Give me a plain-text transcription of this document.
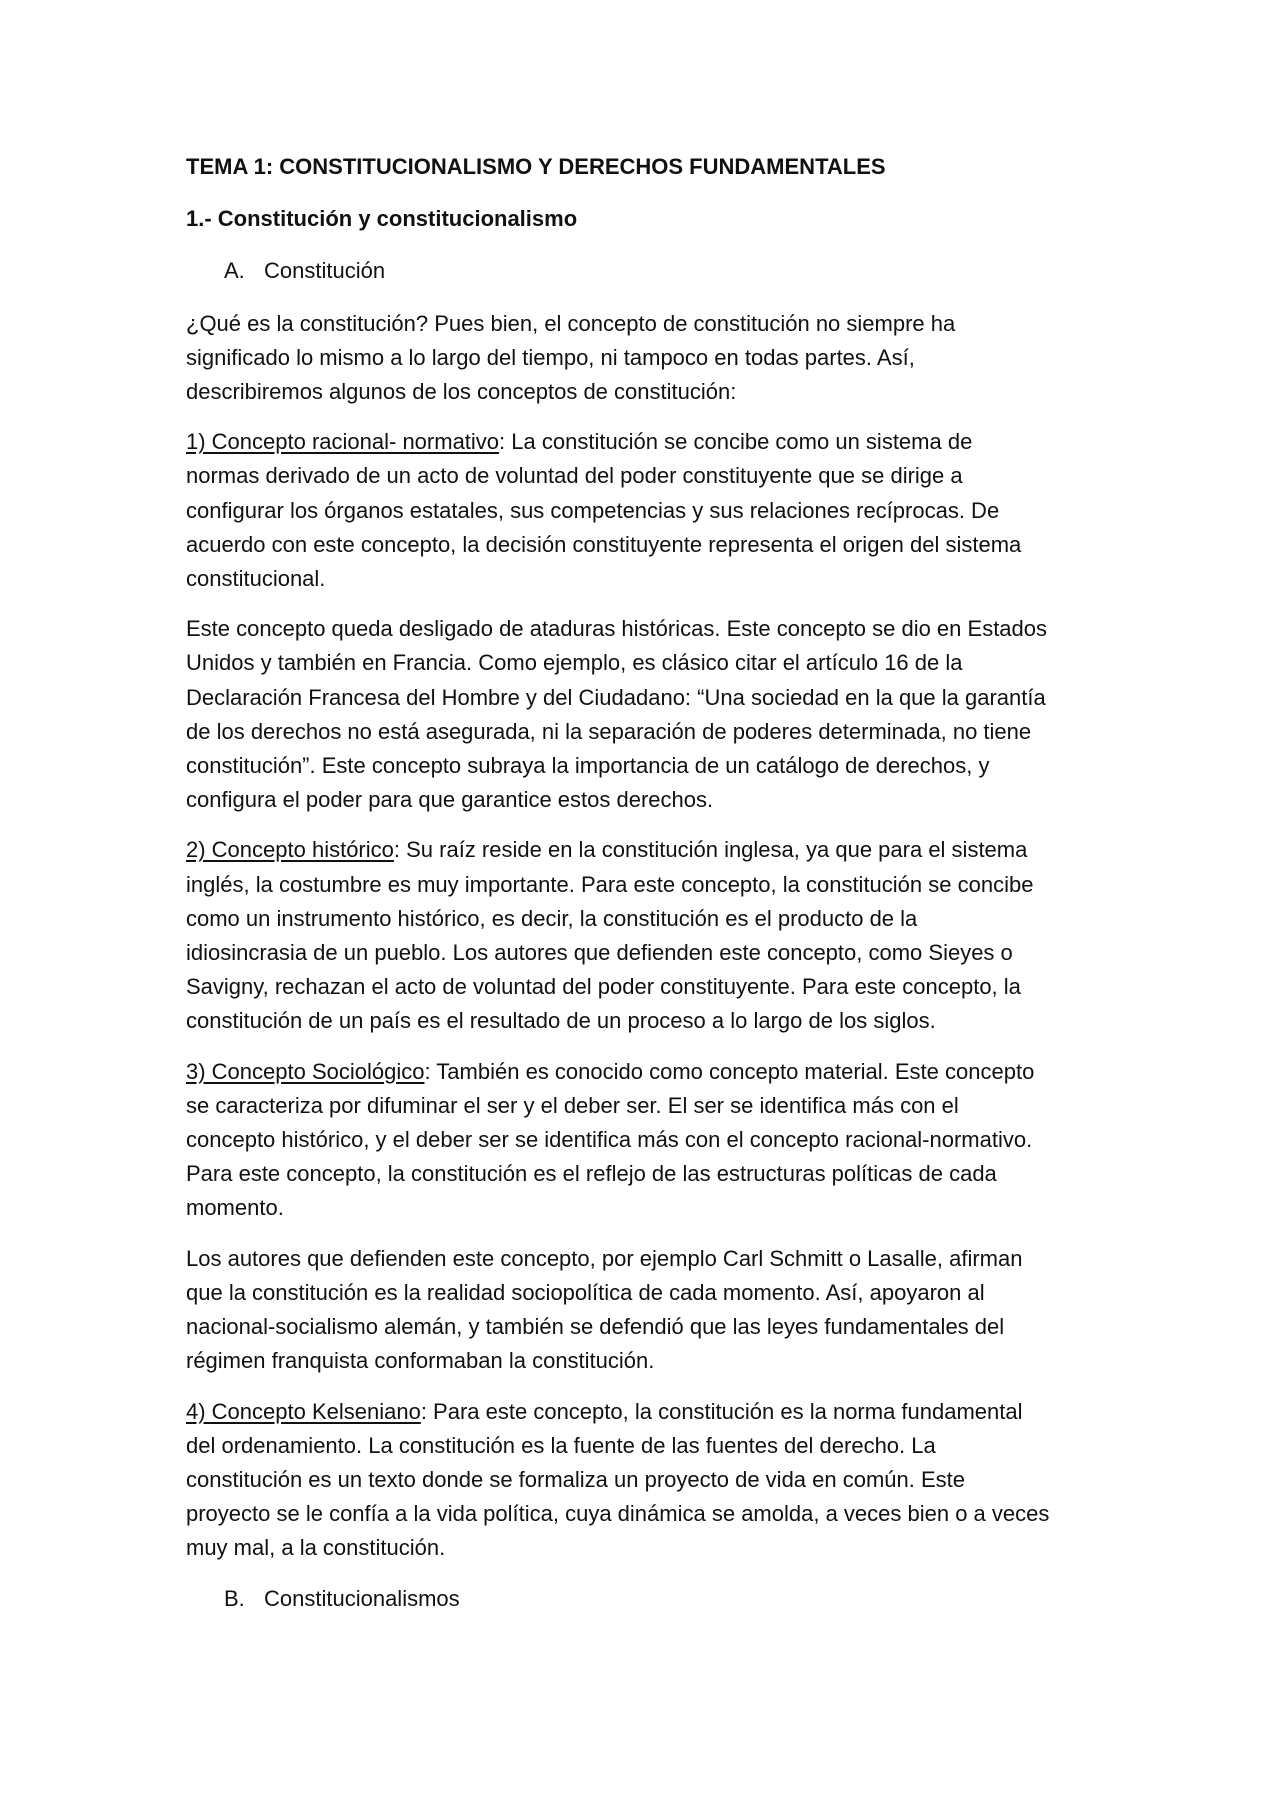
TEMA 1: CONSTITUCIONALISMO Y DERECHOS FUNDAMENTALES
1.- Constitución y constitucionalismo
A. Constitución
¿Qué es la constitución? Pues bien, el concepto de constitución no siempre ha
significado lo mismo a lo largo del tiempo, ni tampoco en todas partes. Así,
describiremos algunos de los conceptos de constitución:
1) Concepto racional- normativo: La constitución se concibe como un sistema de
normas derivado de un acto de voluntad del poder constituyente que se dirige a
configurar los órganos estatales, sus competencias y sus relaciones recíprocas. De
acuerdo con este concepto, la decisión constituyente representa el origen del sistema
constitucional.
Este concepto queda desligado de ataduras históricas. Este concepto se dio en Estados
Unidos y también en Francia. Como ejemplo, es clásico citar el artículo 16 de la
Declaración Francesa del Hombre y del Ciudadano: “Una sociedad en la que la garantía
de los derechos no está asegurada, ni la separación de poderes determinada, no tiene
constitución”. Este concepto subraya la importancia de un catálogo de derechos, y
configura el poder para que garantice estos derechos.
2) Concepto histórico: Su raíz reside en la constitución inglesa, ya que para el sistema
inglés, la costumbre es muy importante. Para este concepto, la constitución se concibe
como un instrumento histórico, es decir, la constitución es el producto de la
idiosincrasia de un pueblo. Los autores que defienden este concepto, como Sieyes o
Savigny, rechazan el acto de voluntad del poder constituyente. Para este concepto, la
constitución de un país es el resultado de un proceso a lo largo de los siglos.
3) Concepto Sociológico: También es conocido como concepto material. Este concepto
se caracteriza por difuminar el ser y el deber ser. El ser se identifica más con el
concepto histórico, y el deber ser se identifica más con el concepto racional-normativo.
Para este concepto, la constitución es el reflejo de las estructuras políticas de cada
momento.
Los autores que defienden este concepto, por ejemplo Carl Schmitt o Lasalle, afirman
que la constitución es la realidad sociopolítica de cada momento. Así, apoyaron al
nacional-socialismo alemán, y también se defendió que las leyes fundamentales del
régimen franquista conformaban la constitución.
4) Concepto Kelseniano: Para este concepto, la constitución es la norma fundamental
del ordenamiento. La constitución es la fuente de las fuentes del derecho. La
constitución es un texto donde se formaliza un proyecto de vida en común. Este
proyecto se le confía a la vida política, cuya dinámica se amolda, a veces bien o a veces
muy mal, a la constitución.
B. Constitucionalismos
